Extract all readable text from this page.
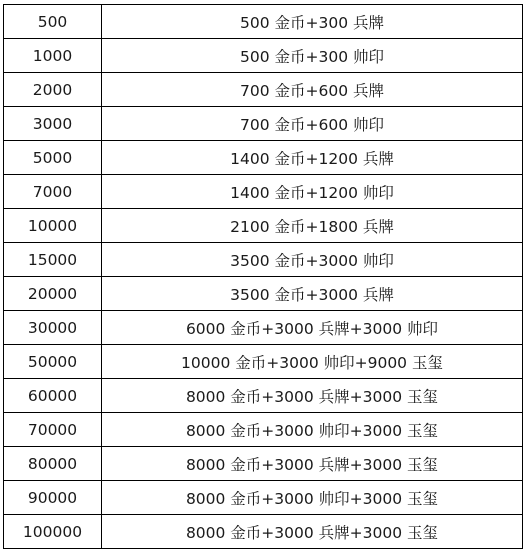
500	500 金币+300 兵牌
1000	500 金币+300 帅印
2000	700 金币+600 兵牌
3000	700 金币+600 帅印
5000	1400 金币+1200 兵牌
7000	1400 金币+1200 帅印
10000	2100 金币+1800 兵牌
15000	3500 金币+3000 帅印
20000	3500 金币+3000 兵牌
30000	6000 金币+3000 兵牌+3000 帅印
50000	10000 金币+3000 帅印+9000 玉玺
60000	8000 金币+3000 兵牌+3000 玉玺
70000	8000 金币+3000 帅印+3000 玉玺
80000	8000 金币+3000 兵牌+3000 玉玺
90000	8000 金币+3000 帅印+3000 玉玺
100000	8000 金币+3000 兵牌+3000 玉玺
